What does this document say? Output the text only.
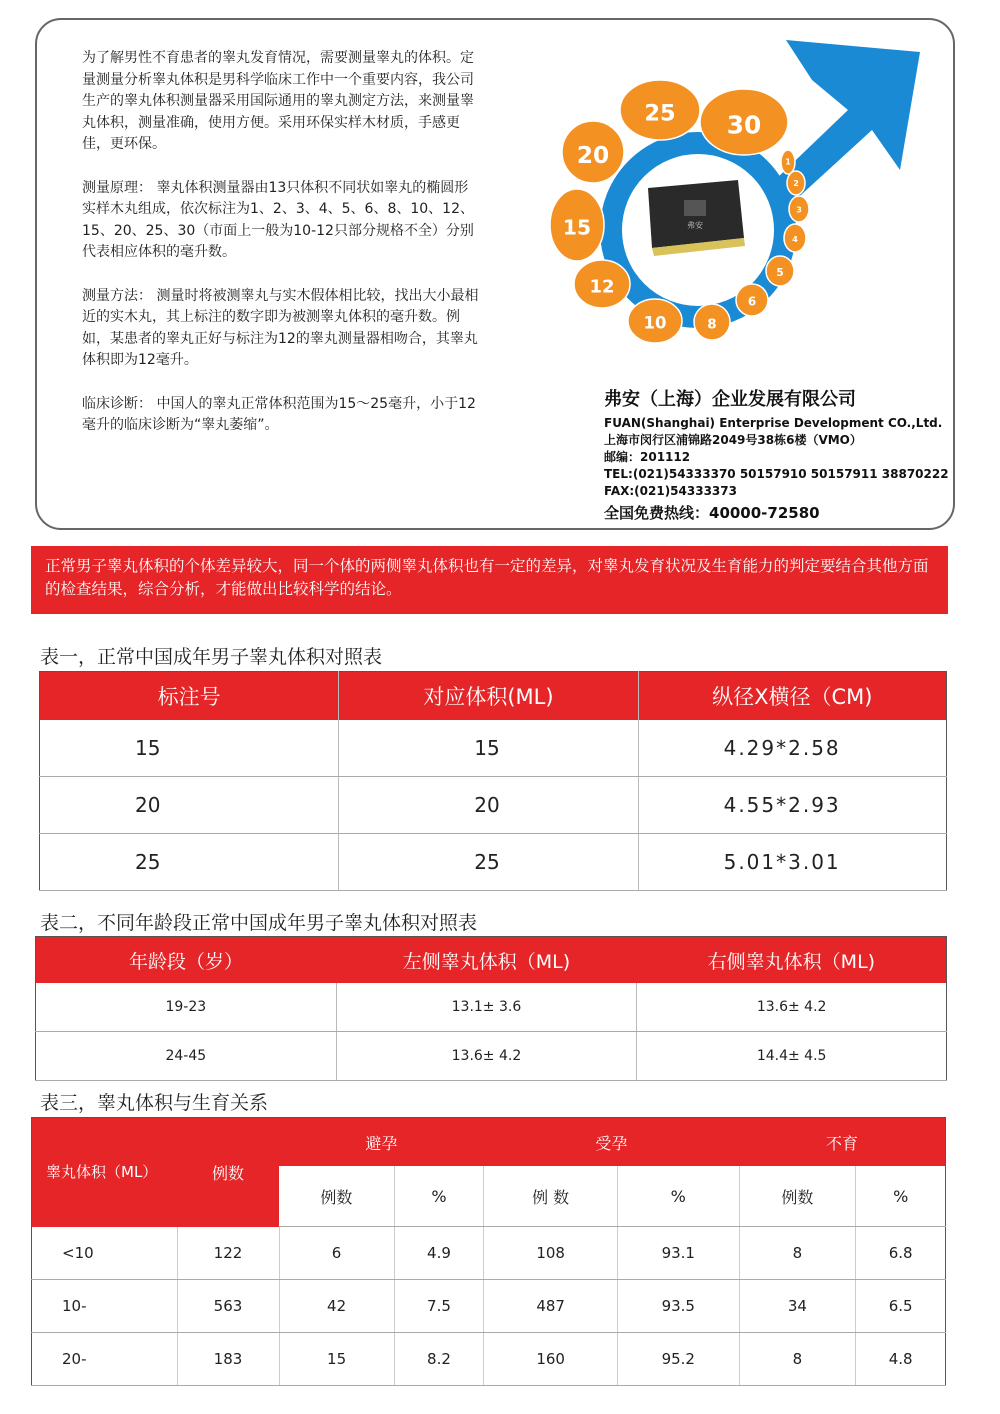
为了解男性不育患者的睾丸发育情况，需要测量睾丸的体积。定量测量分析睾丸体积是男科学临床工作中一个重要内容，我公司生产的睾丸体积测量器采用国际通用的睾丸测定方法，来测量睾丸体积，测量准确，使用方便。采用环保实样木材质，手感更佳，更环保。

测量原理： 睾丸体积测量器由13只体积不同状如睾丸的椭圆形实样木丸组成，依次标注为1、2、3、4、5、6、8、10、12、15、20、25、30（市面上一般为10-12只部分规格不全）分别代表相应体积的毫升数。

测量方法： 测量时将被测睾丸与实木假体相比较，找出大小最相近的实木丸，其上标注的数字即为被测睾丸体积的毫升数。例如，某患者的睾丸正好与标注为12的睾丸测量器相吻合，其睾丸体积即为12毫升。

临床诊断： 中国人的睾丸正常体积范围为15～25毫升，小于12毫升的临床诊断为“睾丸萎缩”。

弗安
1
2
3
4
5
6
8
10
12
15
20
25 30
弗安（上海）企业发展有限公司
FUAN(Shanghai) Enterprise Development CO.,Ltd.
上海市闵行区浦锦路2049号38栋6楼（VMO）
邮编：201112
TEL:(021)54333370 50157910 50157911 38870222
FAX:(021)54333373
全国免费热线：40000-72580
正常男子睾丸体积的个体差异较大，同一个体的两侧睾丸体积也有一定的差异，对睾丸发育状况及生育能力的判定要结合其他方面的检查结果，综合分析，才能做出比较科学的结论。
表一，正常中国成年男子睾丸体积对照表
标注号	对应体积(ML)	纵径X横径（CM)
15	15	4.29*2.58
20	20	4.55*2.93
25	25	5.01*3.01
表二，不同年龄段正常中国成年男子睾丸体积对照表
年龄段（岁）	左侧睾丸体积（ML)	右侧睾丸体积（ML)
19-23	13.1± 3.6	13.6± 4.2
24-45	13.6± 4.2	14.4± 4.5
表三，睾丸体积与生育关系
睾丸体积（ML）	例数	避孕		受孕		不育	
		例数	%	例 数	%	例数	%
<10	122	6	4.9	108	93.1	8	6.8
10-	563	42	7.5	487	93.5	34	6.5
20-	183	15	8.2	160	95.2	8	4.8
